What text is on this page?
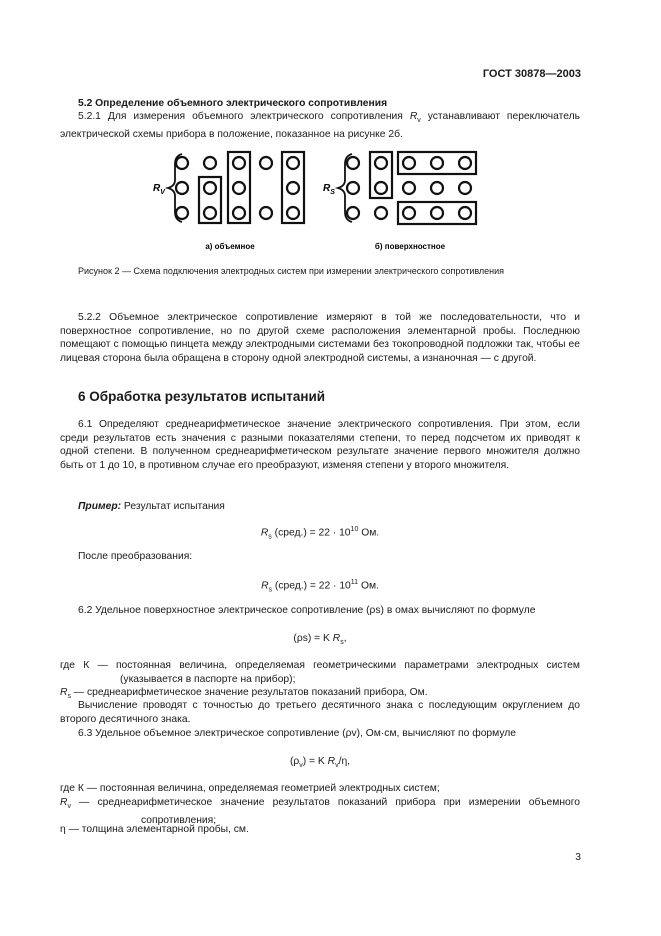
ГОСТ 30878—2003
5.2 Определение объемного электрического сопротивления
5.2.1 Для измерения объемного электрического сопротивления $R_v$ устанавливают переключатель электрической схемы прибора в положение, показанное на рисунке 2б.
$R_V$	$R_S$
а) объемное	б) поверхностное
Рисунок 2 — Схема подключения электродных систем при измерении электрического сопротивления
5.2.2 Объемное электрическое сопротивление измеряют в той же последовательности, что и поверхностное сопротивление, но по другой схеме расположения элементарной пробы. Последнюю помещают с помощью пинцета между электродными системами без токопроводной подложки так, чтобы ее лицевая сторона была обращена в сторону одной электродной системы, а изнаночная — с другой.
6 Обработка результатов испытаний
6.1 Определяют среднеарифметическое значение электрического сопротивления. При этом, если среди результатов есть значения с разными показателями степени, то перед подсчетом их приводят к одной степени. В полученном среднеарифметическом результате значение первого множителя должно быть от 1 до 10, в противном случае его преобразуют, изменяя степени у второго множителя.
Пример: Результат испытания
$R_s$ (сред.) = $22 \cdot 10^{10}$ Ом.
После преобразования:
$R_s$ (сред.) = $22 \cdot 10^{11}$ Ом.
6.2 Удельное поверхностное электрическое сопротивление (ρs) в омах вычисляют по формуле
(ρs) = K $R_s$,
где К — постоянная величина, определяемая геометрическими параметрами электродных систем (указывается в паспорте на прибор);
$R_s$ — среднеарифметическое значение результатов показаний прибора, Ом.
Вычисление проводят с точностью до третьего десятичного знака с последующим округлением до второго десятичного знака.
6.3 Удельное объемное электрическое сопротивление (ρv), Ом·см, вычисляют по формуле
$(\rho_v) = K$ $R_v/\eta$,
где К — постоянная величина, определяемая геометрией электродных систем;
$R_v$ — среднеарифметическое значение результатов показаний прибора при измерении объемного сопротивления;
η — толщина элементарной пробы, см.
3
